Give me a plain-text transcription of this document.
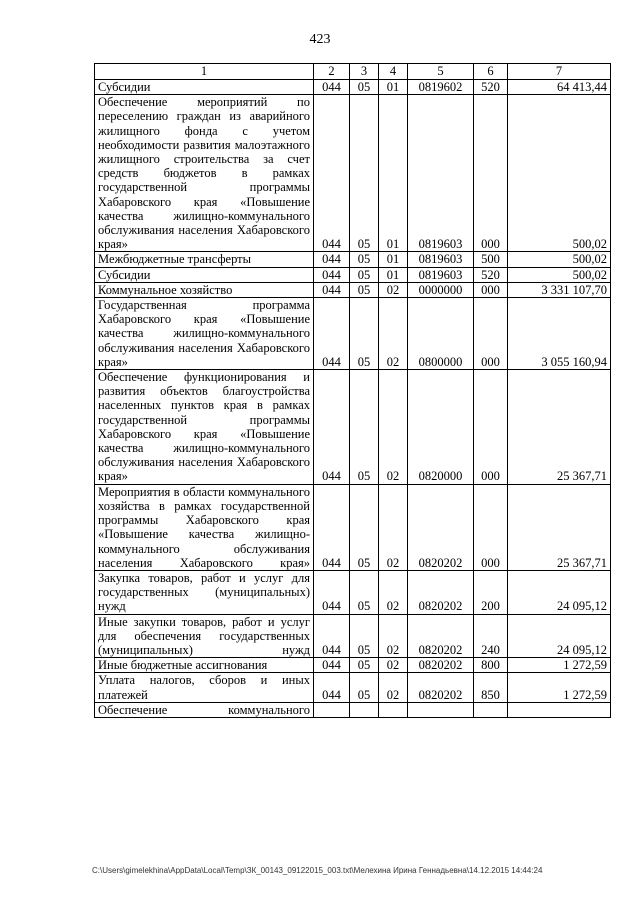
423
1	2	3	4	5	6	7
Субсидии	044	05	01	0819602	520	64 413,44
Обеспечение мероприятий по переселению граждан из аварийного жилищного фонда с учетом необходимости развития малоэтажного жилищного строительства за счет средств бюджетов в рамках государственной программы Хабаровского края «Повышение качества жилищно-коммунального обслуживания населения Хабаровского края»	044	05	01	0819603	000	500,02
Межбюджетные трансферты	044	05	01	0819603	500	500,02
Субсидии	044	05	01	0819603	520	500,02
Коммунальное хозяйство	044	05	02	0000000	000	3 331 107,70
Государственная программа Хабаровского края «Повышение качества жилищно-коммунального обслуживания населения Хабаровского края»	044	05	02	0800000	000	3 055 160,94
Обеспечение функционирования и развития объектов благоустройства населенных пунктов края в рамках государственной программы Хабаровского края «Повышение качества жилищно-коммунального обслуживания населения Хабаровского края»	044	05	02	0820000	000	25 367,71
Мероприятия в области коммунального хозяйства в рамках государственной программы Хабаровского края «Повышение качества жилищно-коммунального обслуживания населения Хабаровского края»	044	05	02	0820202	000	25 367,71
Закупка товаров, работ и услуг для государственных (муниципальных) нужд	044	05	02	0820202	200	24 095,12
Иные закупки товаров, работ и услуг для обеспечения государственных (муниципальных) нужд	044	05	02	0820202	240	24 095,12
Иные бюджетные ассигнования	044	05	02	0820202	800	1 272,59
Уплата налогов, сборов и иных платежей	044	05	02	0820202	850	1 272,59
Обеспечение коммунального						
C:\Users\gimelekhina\AppData\Local\Temp\ЗК_00143_09122015_003.txt\Мелехина Ирина Геннадьевна\14.12.2015 14:44:24
